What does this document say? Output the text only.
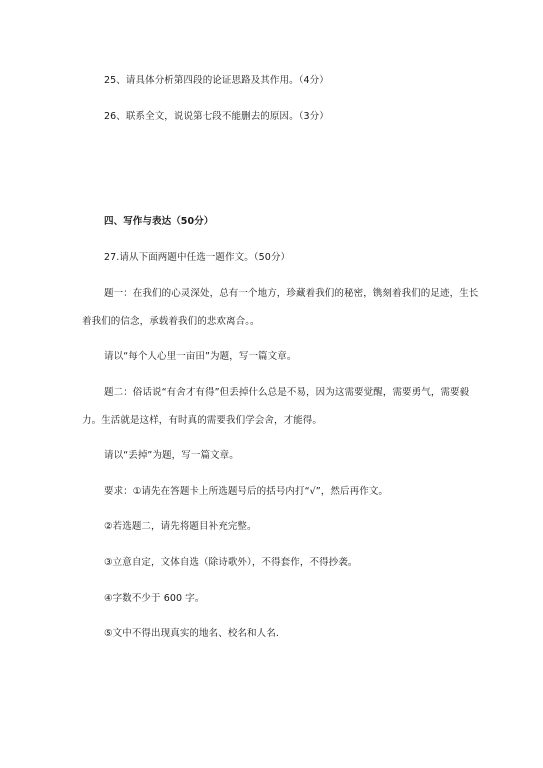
25、请具体分析第四段的论证思路及其作用。（4分）
26、联系全文，说说第七段不能删去的原因。（3分）
四、写作与表达（50分）
27.请从下面两题中任选一题作文。（50分）
题一：在我们的心灵深处，总有一个地方，珍藏着我们的秘密，镌刻着我们的足迹，生长
着我们的信念，承载着我们的悲欢离合。。
请以“每个人心里一亩田”为题，写一篇文章。
题二：俗话说“有舍才有得”但丢掉什么总是不易，因为这需要觉醒，需要勇气，需要毅
力。生活就是这样，有时真的需要我们学会舍，才能得。
请以“丢掉”为题，写一篇文章。
要求：①请先在答题卡上所选题号后的括号内打“√”，然后再作文。
②若选题二，请先将题目补充完整。
③立意自定，文体自选（除诗歌外），不得套作，不得抄袭。
④字数不少于 600 字。
⑤文中不得出现真实的地名、校名和人名.
